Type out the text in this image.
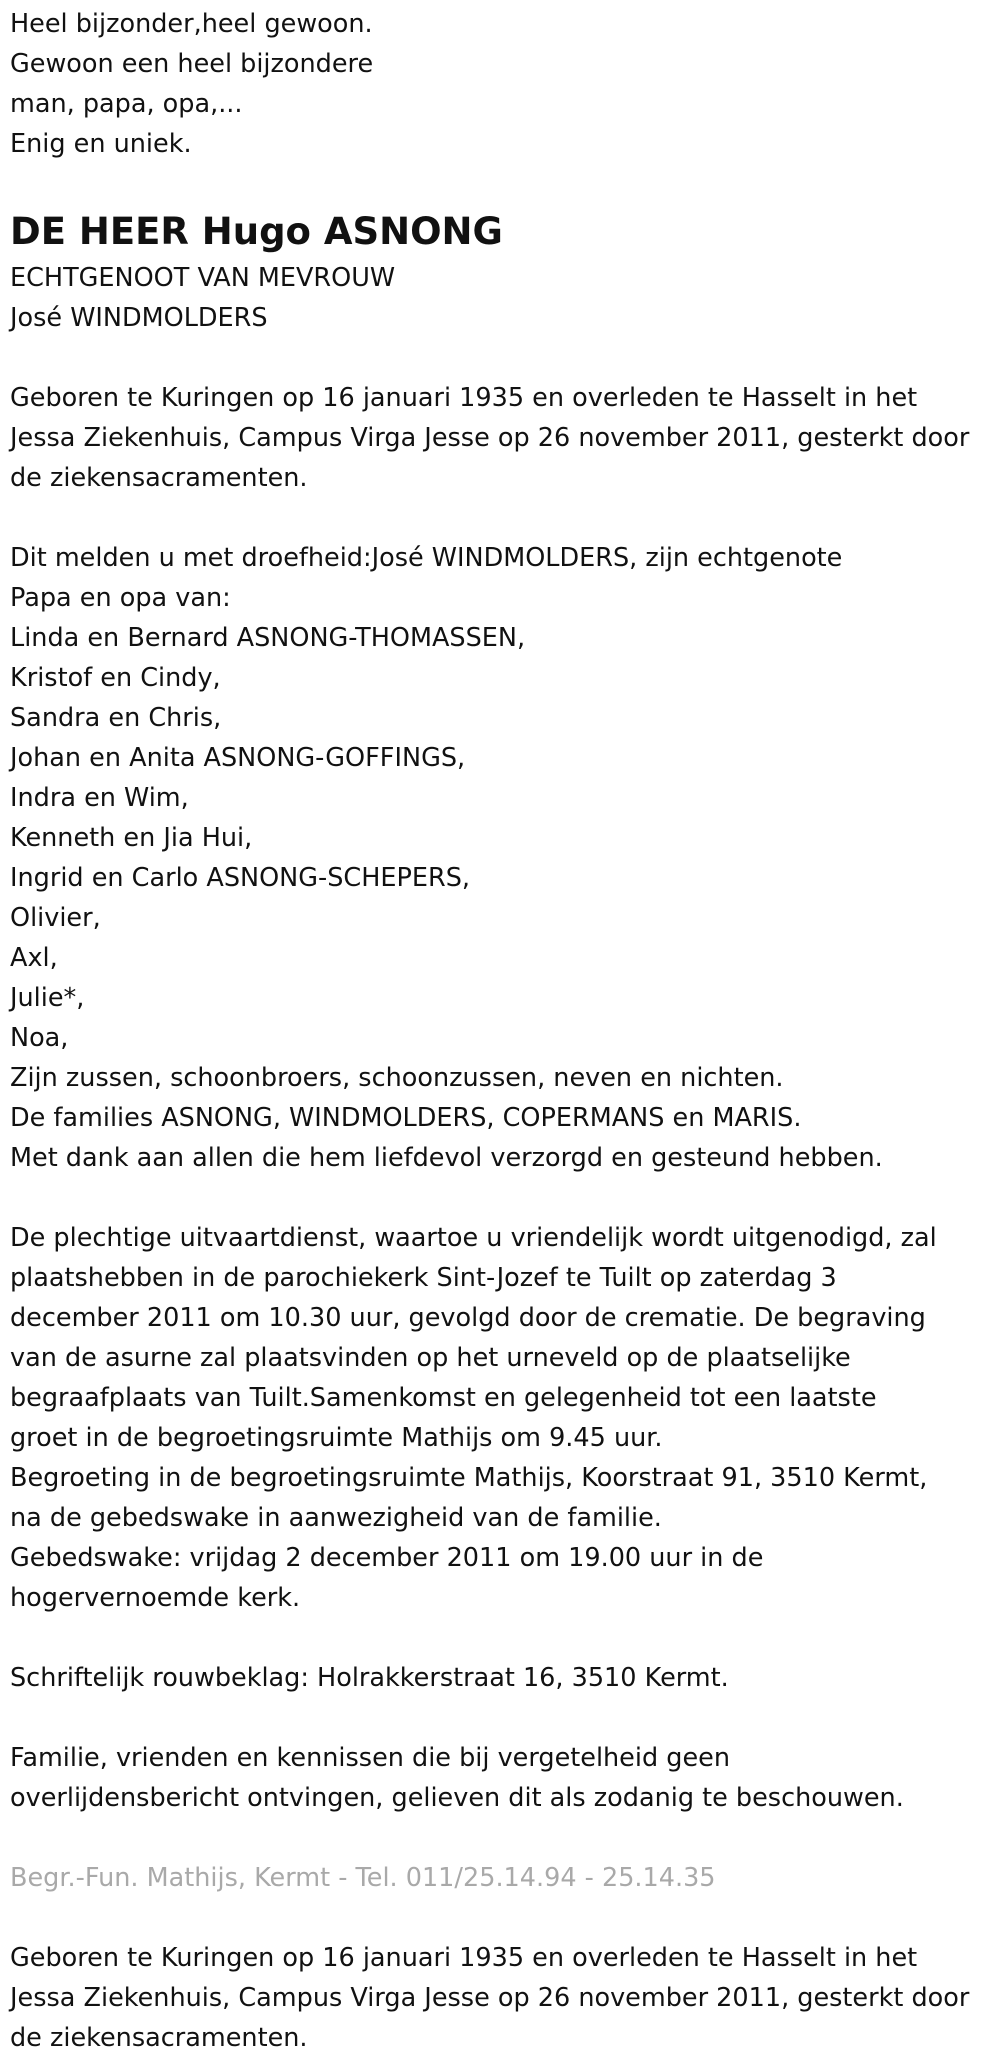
Heel bijzonder,heel gewoon.
Gewoon een heel bijzondere
man, papa, opa,...
Enig en uniek.
DE HEER Hugo ASNONG
ECHTGENOOT VAN MEVROUW
José WINDMOLDERS
Geboren te Kuringen op 16 januari 1935 en overleden te Hasselt in het
Jessa Ziekenhuis, Campus Virga Jesse op 26 november 2011, gesterkt door
de ziekensacramenten.
Dit melden u met droefheid:José WINDMOLDERS, zijn echtgenote
Papa en opa van:
Linda en Bernard ASNONG-THOMASSEN,
Kristof en Cindy,
Sandra en Chris,
Johan en Anita ASNONG-GOFFINGS,
Indra en Wim,
Kenneth en Jia Hui,
Ingrid en Carlo ASNONG-SCHEPERS,
Olivier,
Axl,
Julie*,
Noa,
Zijn zussen, schoonbroers, schoonzussen, neven en nichten.
De families ASNONG, WINDMOLDERS, COPERMANS en MARIS.
Met dank aan allen die hem liefdevol verzorgd en gesteund hebben.
De plechtige uitvaartdienst, waartoe u vriendelijk wordt uitgenodigd, zal
plaatshebben in de parochiekerk Sint-Jozef te Tuilt op zaterdag 3
december 2011 om 10.30 uur, gevolgd door de crematie. De begraving
van de asurne zal plaatsvinden op het urneveld op de plaatselijke
begraafplaats van Tuilt.Samenkomst en gelegenheid tot een laatste
groet in de begroetingsruimte Mathijs om 9.45 uur.
Begroeting in de begroetingsruimte Mathijs, Koorstraat 91, 3510 Kermt,
na de gebedswake in aanwezigheid van de familie.
Gebedswake: vrijdag 2 december 2011 om 19.00 uur in de
hogervernoemde kerk.
Schriftelijk rouwbeklag: Holrakkerstraat 16, 3510 Kermt.
Familie, vrienden en kennissen die bij vergetelheid geen
overlijdensbericht ontvingen, gelieven dit als zodanig te beschouwen.
Begr.-Fun. Mathijs, Kermt - Tel. 011/25.14.94 - 25.14.35
Geboren te Kuringen op 16 januari 1935 en overleden te Hasselt in het
Jessa Ziekenhuis, Campus Virga Jesse op 26 november 2011, gesterkt door
de ziekensacramenten.
